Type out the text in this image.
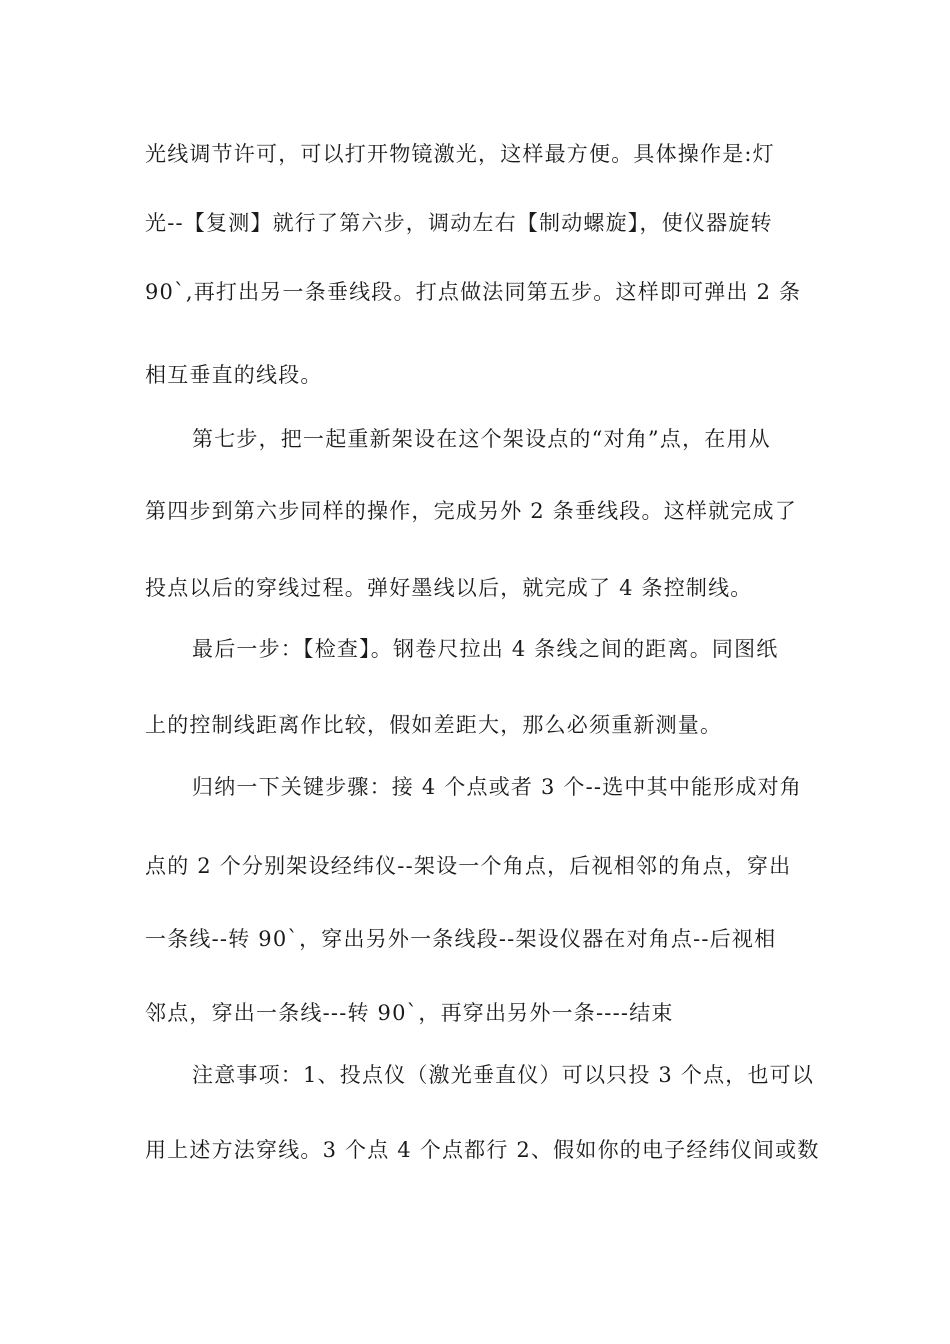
光线调节许可，可以打开物镜激光，这样最方便。具体操作是:灯
光--【复测】就行了第六步，调动左右【制动螺旋】，使仪器旋转
90`,再打出另一条垂线段。打点做法同第五步。这样即可弹出 2 条
相互垂直的线段。
第七步，把一起重新架设在这个架设点的“对角”点，在用从
第四步到第六步同样的操作，完成另外 2 条垂线段。这样就完成了
投点以后的穿线过程。弹好墨线以后，就完成了 4 条控制线。
最后一步：【检查】。钢卷尺拉出 4 条线之间的距离。同图纸
上的控制线距离作比较，假如差距大，那么必须重新测量。
归纳一下关键步骤：接 4 个点或者 3 个--选中其中能形成对角
点的 2 个分别架设经纬仪--架设一个角点，后视相邻的角点，穿出
一条线--转 90`，穿出另外一条线段--架设仪器在对角点--后视相
邻点，穿出一条线---转 90`，再穿出另外一条----结束
注意事项：1、投点仪（激光垂直仪）可以只投 3 个点，也可以
用上述方法穿线。3 个点 4 个点都行 2、假如你的电子经纬仪间或数
